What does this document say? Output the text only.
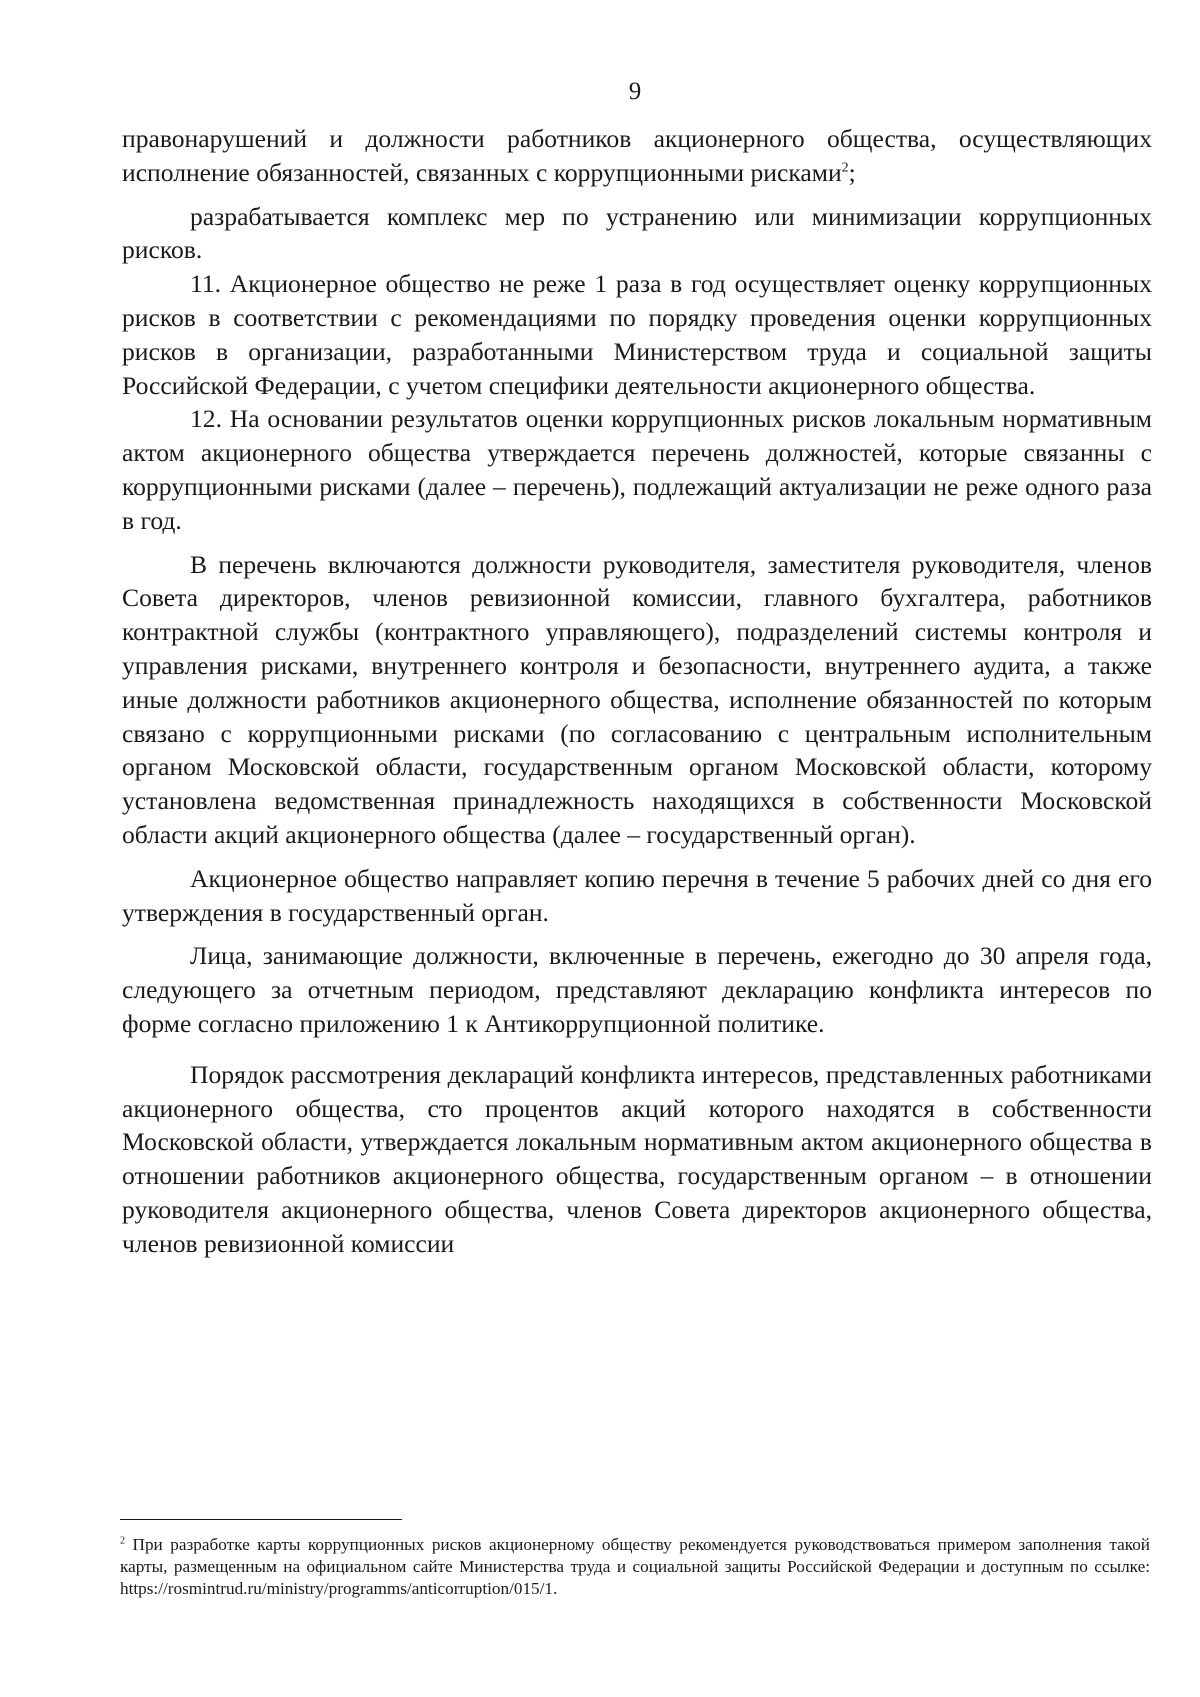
9

правонарушений и должности работников акционерного общества, осуществляющих исполнение обязанностей, связанных с коррупционными рисками$^2$;

разрабатывается комплекс мер по устранению или минимизации коррупционных рисков.

11. Акционерное общество не реже 1 раза в год осуществляет оценку коррупционных рисков в соответствии с рекомендациями по порядку проведения оценки коррупционных рисков в организации, разработанными Министерством труда и социальной защиты Российской Федерации, с учетом специфики деятельности акционерного общества.

12. На основании результатов оценки коррупционных рисков локальным нормативным актом акционерного общества утверждается перечень должностей, которые связанны с коррупционными рисками (далее – перечень), подлежащий актуализации не реже одного раза в год.

В перечень включаются должности руководителя, заместителя руководителя, членов Совета директоров, членов ревизионной комиссии, главного бухгалтера, работников контрактной службы (контрактного управляющего), подразделений системы контроля и управления рисками, внутреннего контроля и безопасности, внутреннего аудита, а также иные должности работников акционерного общества, исполнение обязанностей по которым связано с коррупционными рисками (по согласованию с центральным исполнительным органом Московской области, государственным органом Московской области, которому установлена ведомственная принадлежность находящихся в собственности Московской области акций акционерного общества (далее – государственный орган).

Акционерное общество направляет копию перечня в течение 5 рабочих дней со дня его утверждения в государственный орган.

Лица, занимающие должности, включенные в перечень, ежегодно до 30 апреля года, следующего за отчетным периодом, представляют декларацию конфликта интересов по форме согласно приложению 1 к Антикоррупционной политике.

Порядок рассмотрения деклараций конфликта интересов, представленных работниками акционерного общества, сто процентов акций которого находятся в собственности Московской области, утверждается локальным нормативным актом акционерного общества в отношении работников акционерного общества, государственным органом – в отношении руководителя акционерного общества, членов Совета директоров акционерного общества, членов ревизионной комиссии

$^2$ При разработке карты коррупционных рисков акционерному обществу рекомендуется руководствоваться примером заполнения такой карты, размещенным на официальном сайте Министерства труда и социальной защиты Российской Федерации и доступным по ссылке: https://rosmintrud.ru/ministry/programms/anticorruption/015/1.
